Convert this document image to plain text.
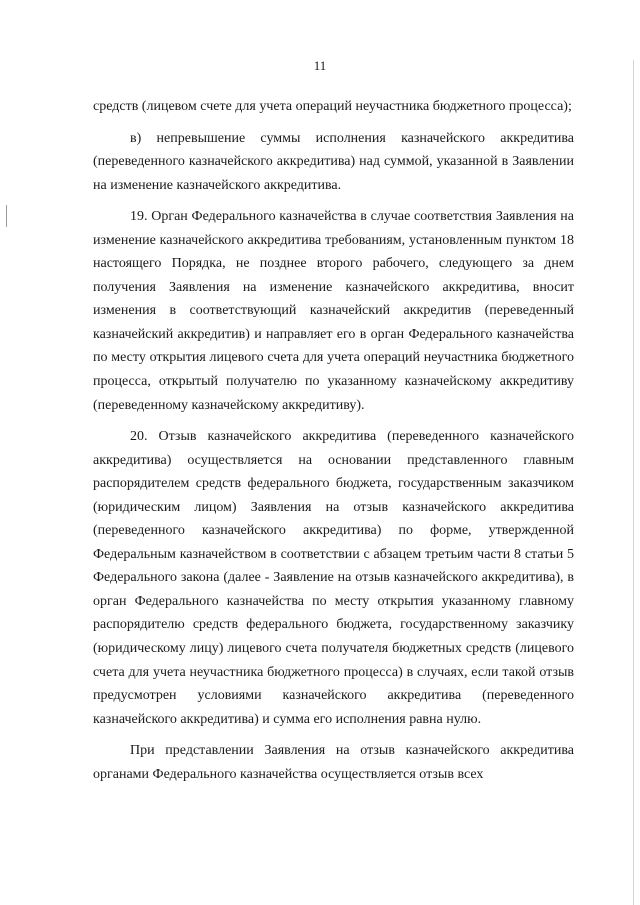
11

средств (лицевом счете для учета операций неучастника бюджетного процесса);

в) непревышение суммы исполнения казначейского аккредитива (переведенного казначейского аккредитива) над суммой, указанной в Заявлении на изменение казначейского аккредитива.

19. Орган Федерального казначейства в случае соответствия Заявления на изменение казначейского аккредитива требованиям, установленным пунктом 18 настоящего Порядка, не позднее второго рабочего, следующего за днем получения Заявления на изменение казначейского аккредитива, вносит изменения в соответствующий казначейский аккредитив (переведенный казначейский аккредитив) и направляет его в орган Федерального казначейства по месту открытия лицевого счета для учета операций неучастника бюджетного процесса, открытый получателю по указанному казначейскому аккредитиву (переведенному казначейскому аккредитиву).

20. Отзыв казначейского аккредитива (переведенного казначейского аккредитива) осуществляется на основании представленного главным распорядителем средств федерального бюджета, государственным заказчиком (юридическим лицом) Заявления на отзыв казначейского аккредитива (переведенного казначейского аккредитива) по форме, утвержденной Федеральным казначейством в соответствии с абзацем третьим части 8 статьи 5 Федерального закона (далее - Заявление на отзыв казначейского аккредитива), в орган Федерального казначейства по месту открытия указанному главному распорядителю средств федерального бюджета, государственному заказчику (юридическому лицу) лицевого счета получателя бюджетных средств (лицевого счета для учета неучастника бюджетного процесса) в случаях, если такой отзыв предусмотрен условиями казначейского аккредитива (переведенного казначейского аккредитива) и сумма его исполнения равна нулю.

При представлении Заявления на отзыв казначейского аккредитива органами Федерального казначейства осуществляется отзыв всех
